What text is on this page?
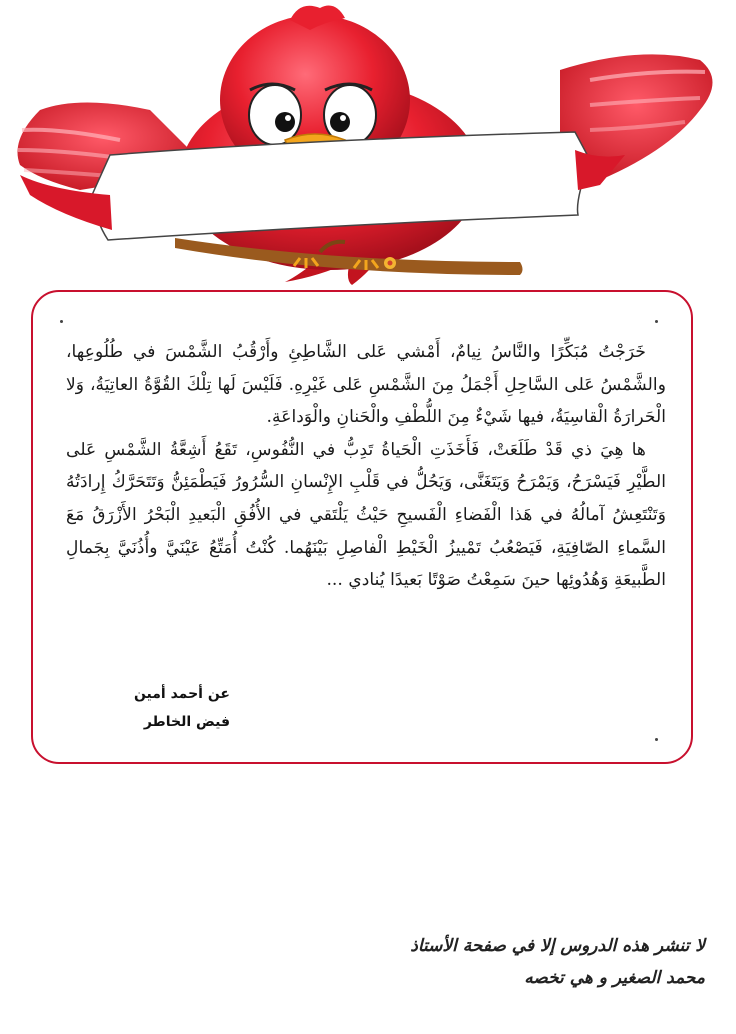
خَرَجْتُ مُبَكِّرًا والنَّاسُ نِيامٌ، أَمْشي عَلى الشَّاطِئِ وأَرْقُبُ الشَّمْسَ في طُلُوعِها، والشَّمْسُ عَلى السَّاحِلِ أَجْمَلُ مِنَ الشَّمْسِ عَلى غَيْرِهِ. فَلَيْسَ لَها تِلْكَ القُوَّةُ العاتِيَةُ، وَلا الْحَرارَةُ الْقاسِيَةُ، فيها شَيْءٌ مِنَ اللُّطْفِ والْحَنانِ والْوَداعَةِ.

ها هِيَ ذي قَدْ طَلَعَتْ، فَأَخَذَتِ الْحَياةُ تَدِبُّ في النُّفُوسِ، تَقَعُ أَشِعَّةُ الشَّمْسِ عَلى الطَّيْرِ فَيَسْرَحُ، وَيَمْرَحُ وَيَتَغَنَّى، وَيَحُلُّ في قَلْبِ الإِنْسانِ السُّرُورُ فَيَطْمَئِنُّ وَتَتَحَرَّكُ إِرادَتُهُ وَتَنْتَعِشُ آمالُهُ في هَذا الْفَضاءِ الْفَسيحِ حَيْثُ يَلْتَقي في الأُفُقِ الْبَعيدِ الْبَحْرُ الأَزْرَقُ مَعَ السَّماءِ الصّافِيَةِ، فَيَصْعُبُ تَمْييزُ الْخَيْطِ الْفاصِلِ بَيْنَهُما. كُنْتُ أُمَتِّعُ عَيْنَيَّ وأُذُنَيَّ بِجَمالِ الطَّبيعَةِ وَهُدُوئِها حينَ سَمِعْتُ صَوْتًا بَعيدًا يُنادي ...

عن أحمد أمين
فيض الخاطر
لا تنشر هذه الدروس إلا في صفحة الأستاذ
محمد الصغير و هي تخصه
